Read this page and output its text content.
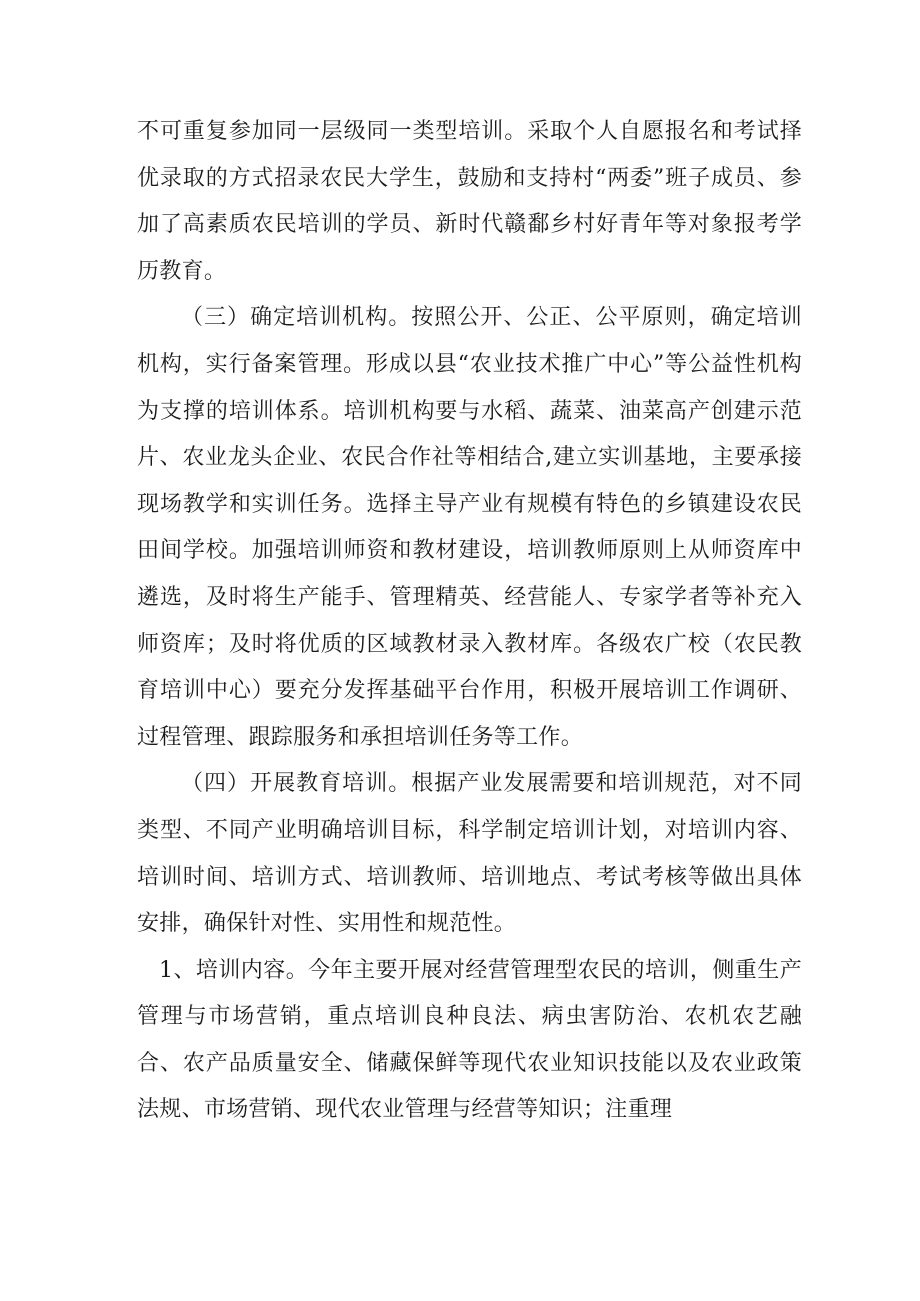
不可重复参加同一层级同一类型培训。采取个人自愿报名和考试择优录取的方式招录农民大学生，鼓励和支持村“两委”班子成员、参加了高素质农民培训的学员、新时代赣鄱乡村好青年等对象报考学历教育。

（三）确定培训机构。按照公开、公正、公平原则，确定培训机构，实行备案管理。形成以县“农业技术推广中心”等公益性机构为支撑的培训体系。培训机构要与水稻、蔬菜、油菜高产创建示范片、农业龙头企业、农民合作社等相结合,建立实训基地，主要承接现场教学和实训任务。选择主导产业有规模有特色的乡镇建设农民田间学校。加强培训师资和教材建设，培训教师原则上从师资库中遴选，及时将生产能手、管理精英、经营能人、专家学者等补充入师资库；及时将优质的区域教材录入教材库。各级农广校（农民教育培训中心）要充分发挥基础平台作用，积极开展培训工作调研、过程管理、跟踪服务和承担培训任务等工作。

（四）开展教育培训。根据产业发展需要和培训规范，对不同类型、不同产业明确培训目标，科学制定培训计划，对培训内容、培训时间、培训方式、培训教师、培训地点、考试考核等做出具体安排，确保针对性、实用性和规范性。

1、培训内容。今年主要开展对经营管理型农民的培训，侧重生产管理与市场营销，重点培训良种良法、病虫害防治、农机农艺融合、农产品质量安全、储藏保鲜等现代农业知识技能以及农业政策法规、市场营销、现代农业管理与经营等知识；注重理
